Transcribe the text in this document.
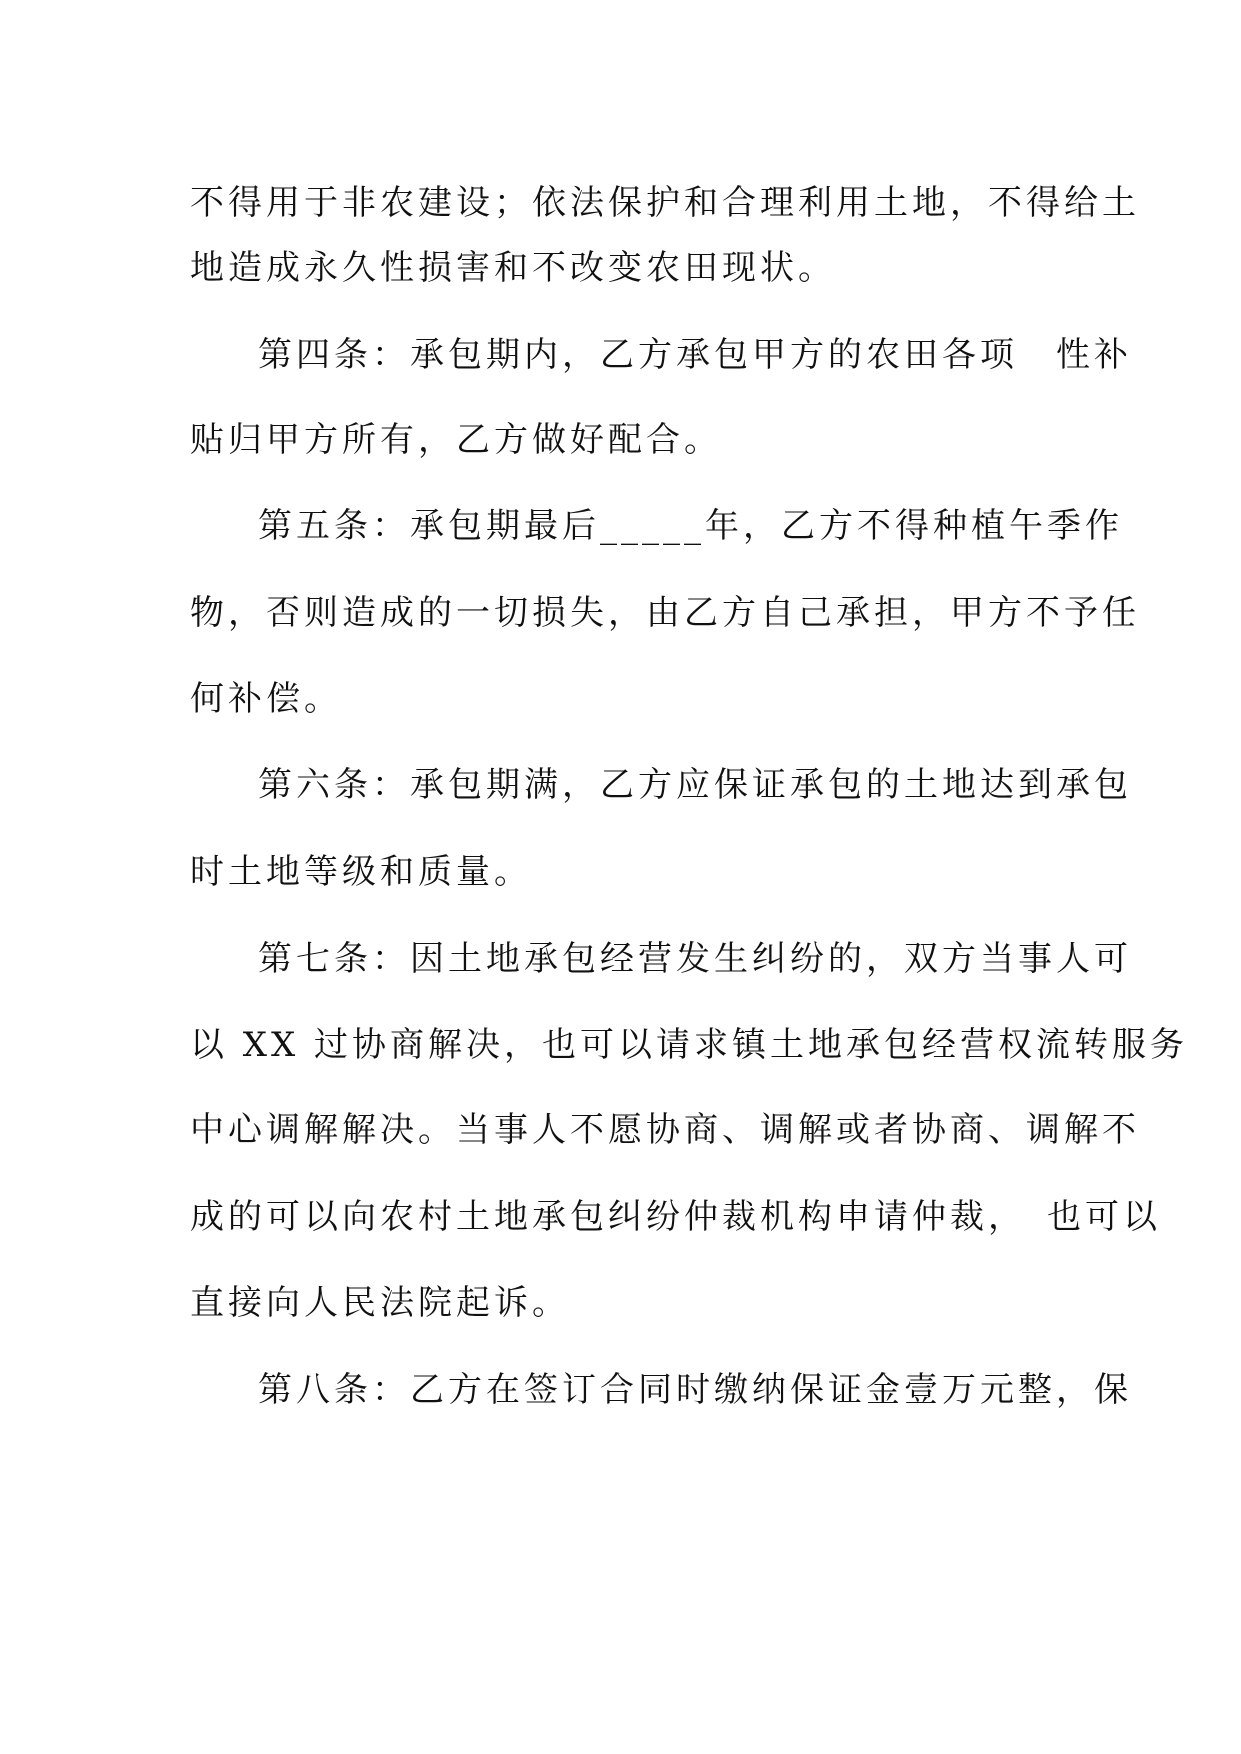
不得用于非农建设；依法保护和合理利用土地，不得给土
地造成永久性损害和不改变农田现状。
第四条：承包期内，乙方承包甲方的农田各项　性补
贴归甲方所有，乙方做好配合。
第五条：承包期最后_____年，乙方不得种植午季作
物，否则造成的一切损失，由乙方自己承担，甲方不予任
何补偿。
第六条：承包期满，乙方应保证承包的土地达到承包
时土地等级和质量。
第七条：因土地承包经营发生纠纷的，双方当事人可
以 XX 过协商解决，也可以请求镇土地承包经营权流转服务
中心调解解决。当事人不愿协商、调解或者协商、调解不
成的可以向农村土地承包纠纷仲裁机构申请仲裁，　也可以
直接向人民法院起诉。
第八条：乙方在签订合同时缴纳保证金壹万元整，保
